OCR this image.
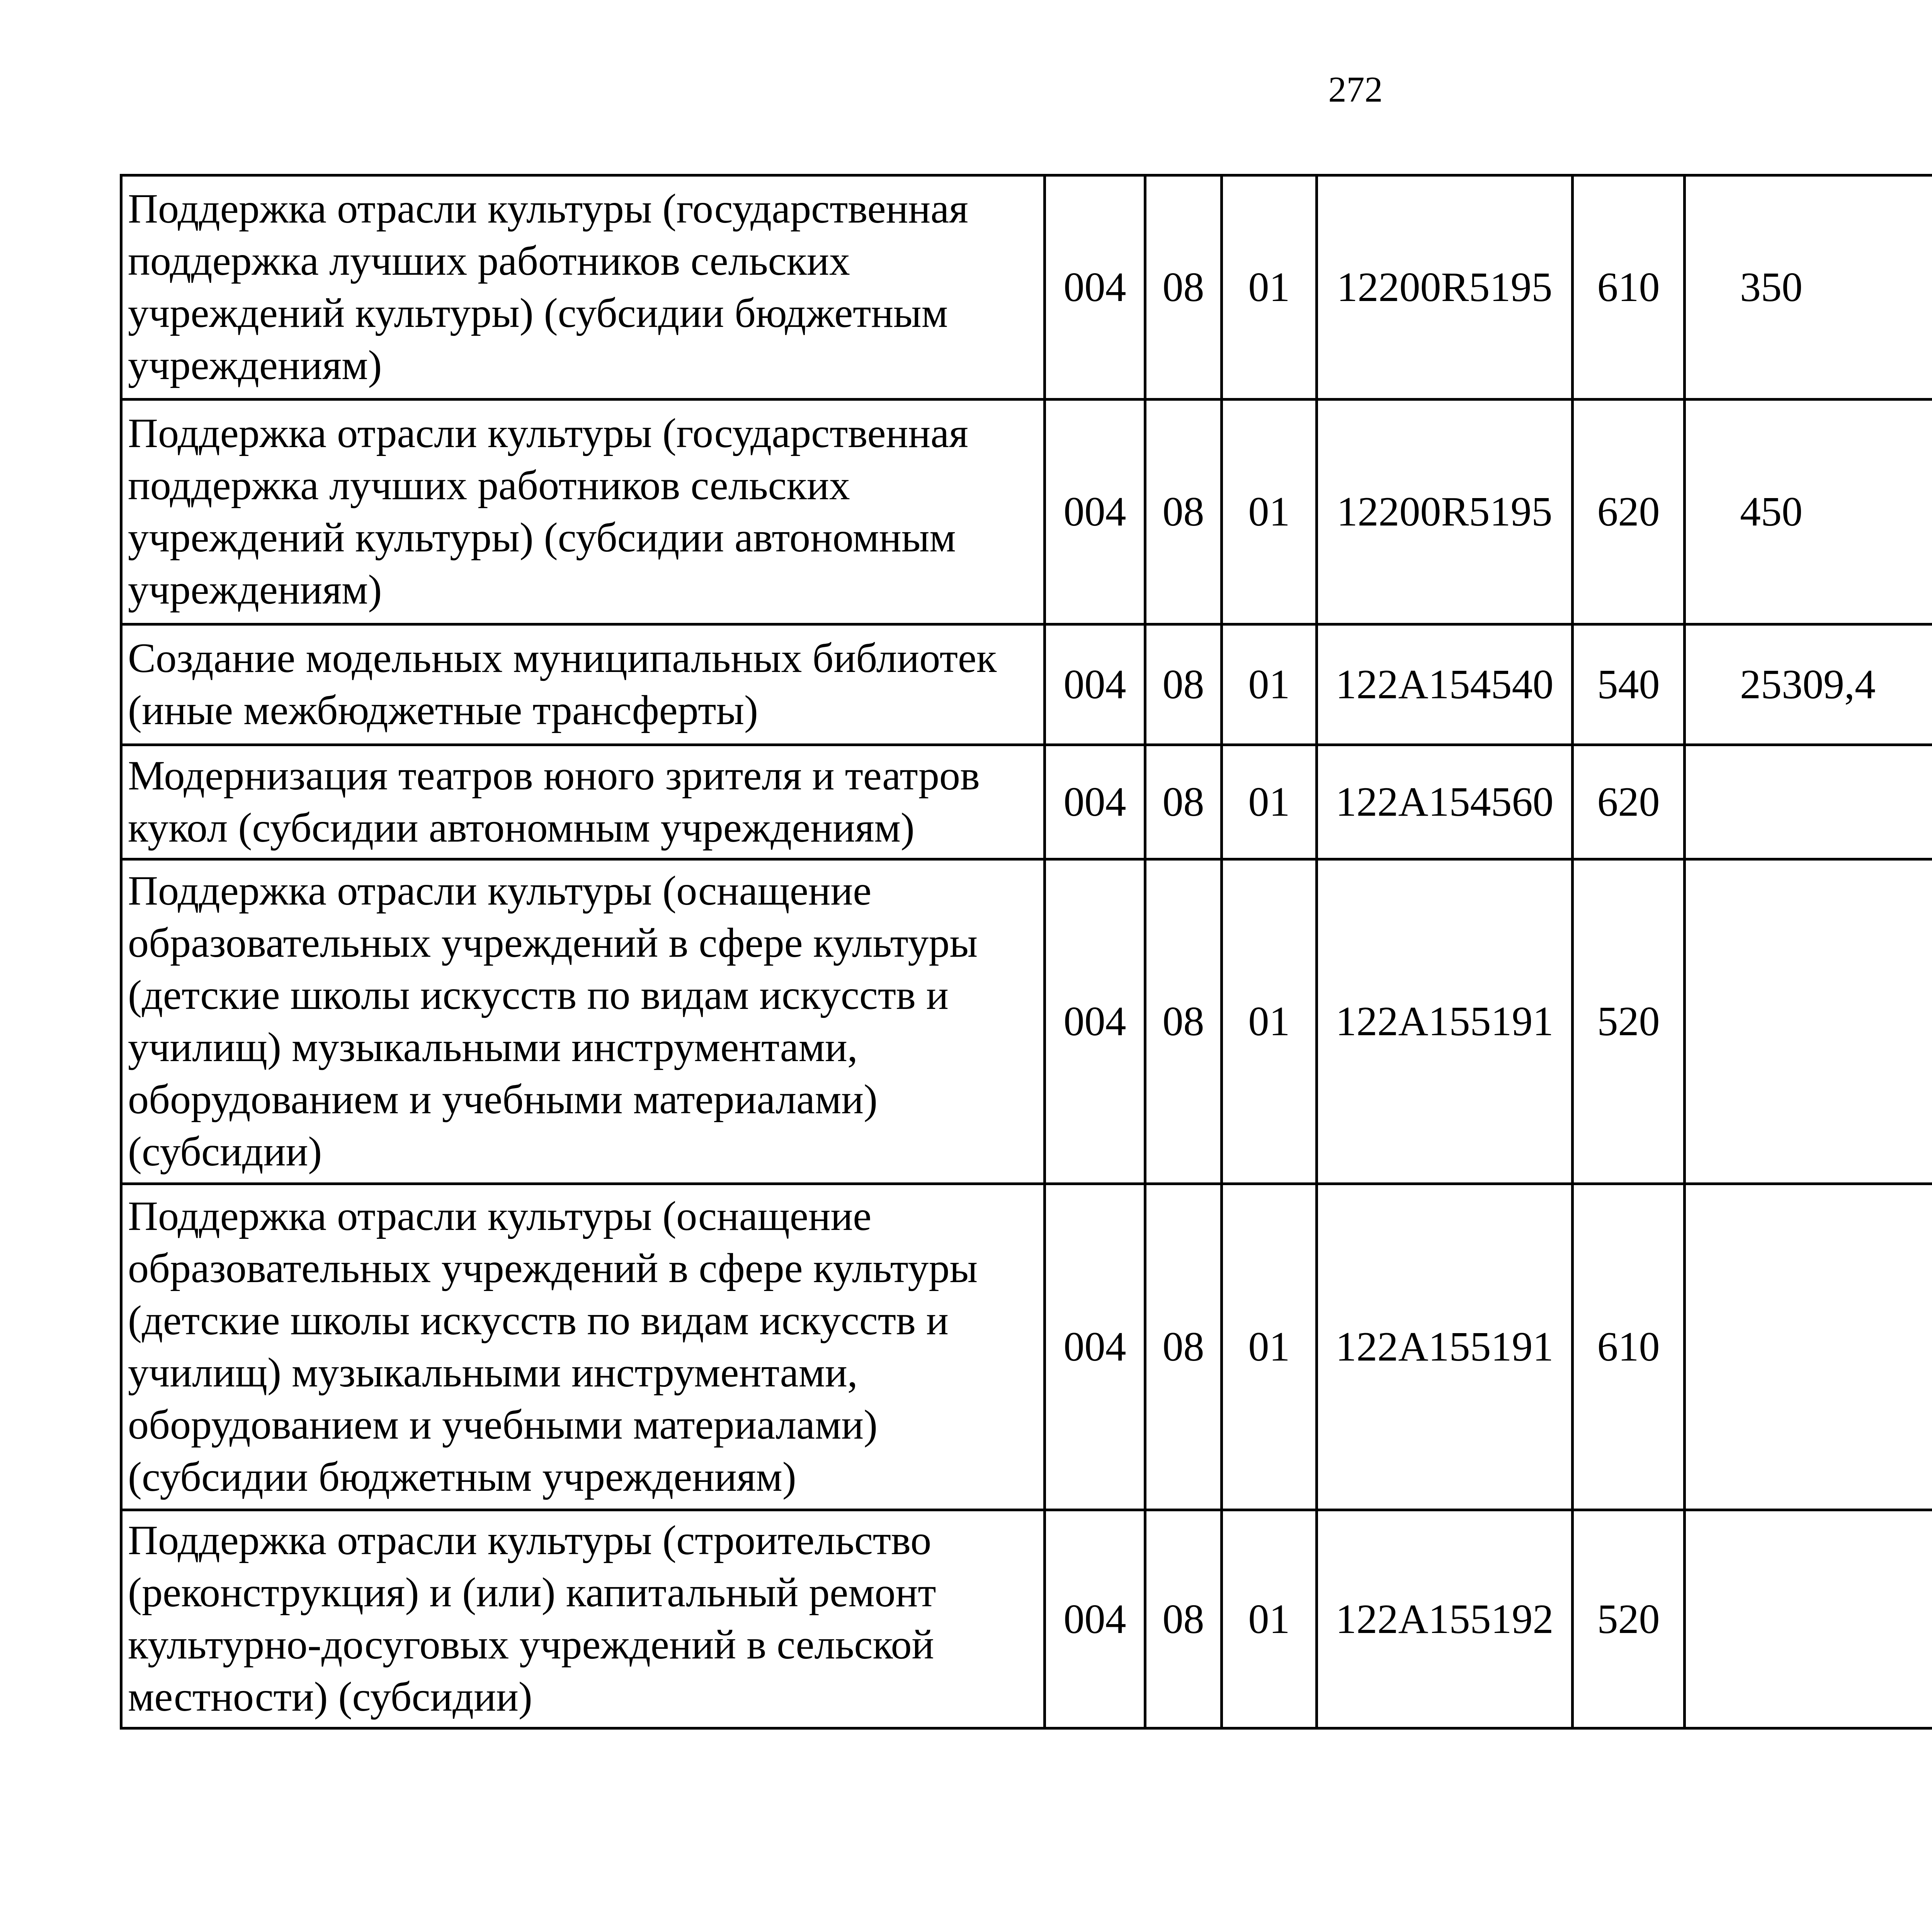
272
Поддержка отрасли культуры (государственная поддержка лучших работников сельских учреждений культуры) (субсидии бюджетным учреждениям)	004	08	01	12200R5195	610	350		
Поддержка отрасли культуры (государственная поддержка лучших работников сельских учреждений культуры) (субсидии автономным учреждениям)	004	08	01	12200R5195	620	450		
Создание модельных муниципальных библиотек (иные межбюджетные трансферты)	004	08	01	122A154540	540	25309,4		
Модернизация театров юного зрителя и театров кукол (субсидии автономным учреждениям)	004	08	01	122A154560	620			
Поддержка отрасли культуры (оснащение образовательных учреждений в сфере культуры (детские школы искусств по видам искусств и училищ) музыкальными инструментами, оборудованием и учебными материалами) (субсидии)	004	08	01	122A155191	520			
Поддержка отрасли культуры (оснащение образовательных учреждений в сфере культуры (детские школы искусств по видам искусств и училищ) музыкальными инструментами, оборудованием и учебными материалами) (субсидии бюджетным учреждениям)	004	08	01	122A155191	610			
Поддержка отрасли культуры (строительство (реконструкция) и (или) капитальный ремонт культурно-досуговых учреждений в сельской местности) (субсидии)	004	08	01	122A155192	520			
